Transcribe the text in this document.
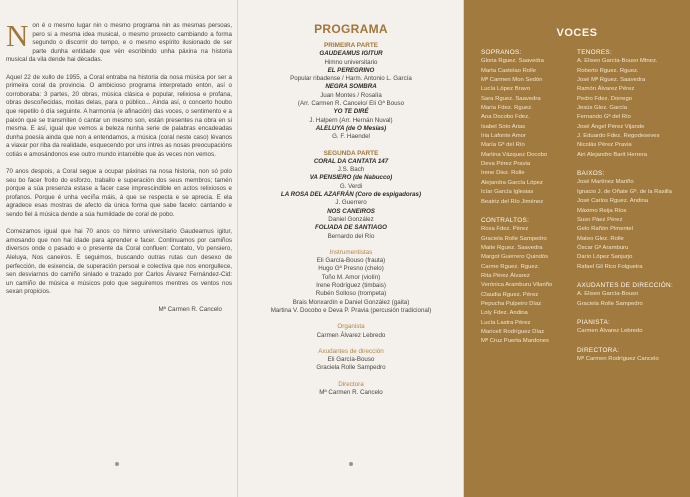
Non é o mesmo lugar nin o mesmo programa nin as mesmas persoas, pero si a mesma idea musical, o mesmo proxecto cambiando a forma segundo o discorrir do tempo, e o mesmo espírito ilusionado de ser parte dunha entidade que vén escribindo unha páxina na historia musical da vila dende hai décadas.

Aquel 22 de xullo de 1955, a Coral entraba na historia da nosa música por ser a primeira coral da provincia. O ambicioso programa interpretado entón, así o corroboraba: 3 partes, 20 obras, música clásica e popular, relixiosa e profana, obras descoñecidas, moitas delas, para o público... Ainda así, o concerto houbo que repetilo ó día seguinte. A harmonía (e afinación) das voces, o sentimento e a paixón que se transmiten ó cantar un mesmo son, están presentes na obra en si mesma. E así, igual que vemos a beleza nunha serie de palabras encadeadas dunha poesía ainda que non a entendamos, a música (coral neste caso) lévanos a viaxar por riba da realidade, esquecendo por uns intres as nosas preocupacións cotiás e amosándonos ese outro mundo intanxible que ás veces non vemos.

70 anos despois, a Coral segue a ocupar páxinas na nosa historia, non só polo seu bo facer froito do esforzo, traballo e superación dos seus membros; tamén porque a súa presenza estase a facer case imprescindible en actos relixiosos e profanos. Porque é unha vecíña máis, á que se respecta e se aprecia. E ela agradece esas mostras de afecto da única forma que sabe facelo: cantando e sendo fiel á música dende a súa humildade de coral de pobo.

Comezamos igual que hai 70 anos co himno universitario Gaudeamus igitur, amosando que non hai idade para aprender e facer. Continuamos por camiños diversos onde o pasado e o presente da Coral confluen: Contato, Vo pensiero, Aleluya, Nos caneiros. E seguimos, buscando outras rutas cun desexo de perfección, de esixencia, de superación persoal e colectiva que nos enorgullece, sen desviarnos do camiño sinlado e trazado por Carlos Álvarez Fernández-Cid: un camiño de música e músicos polo que seguiremos mentres os ventos nos sexan propicios.

Mª Carmen R. Cancelo
PROGRAMA
PRIMEIRA PARTE
GAUDEAMUS IGITUR
Himno universitario
EL PEREGRINO
Popular ribadense / Harm. Antonio L. García
NEGRA SOMBRA
Juan Montes / Rosalía
(Arr. Carmen R. Cancelo/ Eli Gª Bouso
YO TE DIRÉ
J. Halpern (Arr. Hernán Nuval)
ALELUYA (de O Mesías)
G. F. Haendel
SEGUNDA PARTE
CORAL DA CANTATA 147
J.S. Bach
VA PENSIERO (de Nabucco)
G. Verdi
LA ROSA DEL AZAFRÁN (Coro de espigadoras)
J. Guerrero
NOS CANEIROS
Daniel González
FOLIADA DE SANTIAGO
Bernardo del Río
Instrumentistas
Eli García-Bouso (frauta)
Hugo Gª Presno (chelo)
Toño M. Amor (violín)
Irene Rodríguez (timbais)
Rubén Solloso (trompeta)
Brais Monxardín e Daniel González (gaita)
Martina V. Docobo e Deva P. Pravia (percusión tradicional)
Organista
Carmen Álvarez Lebredo
Axudantes de dirección
Eli García-Bouso
Graciela Rolle Sampedro
Directora
Mª Carmen R. Cancelo
VOCES
SOPRANOS:
Gloria Rguez. Saavedra
Marta Castelao Rolle
Mª Carmen Mon Sedón
Lucía López Bravo
Sara Rguez. Saavedra
María Fdez. Rguez.
Ana Docobo Fdez.
Isabel Soto Arias
Iria Lafonte Amor
María Gª del Río
Martina Vázquez Docobo
Deva Pérez Pravia
Irene Diez. Rolle
Alejandra García López
Icíar García Iglesias
Beatriz del Río Jiménez
CONTRALTOS:
Rosa Fdez. Pérez
Graciela Rolle Sampedro
Maite Rguez. Saavedra
Margot Guerrero Quindós
Carme Rguez. Rguez.
Rita Pérez Álvarez
Verónica Aramburu Vilariño
Claudia Rguez. Pérez
Pepucha Pulpeiro Díaz
Loly Fdez. Andina
Lucía Lastra Pérez
Maricelí Rodríguez Díaz
Mª Cruz Puerta Mardones
TENORES:
A. Eliseo García-Bouso Mtnez.
Roberto Rguez. Rguez.
José Mª Rguez. Saavedra
Ramón Álvarez Pérez
Pedro Fdez. Dorrego
Jesús Glez. García
Fernando Gª del Río
José Ángel Pérez Vijande
J. Eduardo Fdez. Regodeseves
Nicolás Pérez Pravia
Airi Alejandro Barit Herrera
BAIXOS:
José Martínez Mariño
Ignacio J. de Oñate Gª. de la Rasilla
José Carlos Rguez. Andina
Máximo Reija Ríos
Suso Páez Pérez
Gelo Rañón Pimentel
Mateo Glez. Rolle
Óscar Gª Aramburu
Darío López Sanjurjo
Rafael Gil Rico Folgueira
AXUDANTES DE DIRECCIÓN:
A. Eliseo García-Bouso
Graciela Rolle Sampedro
PIANISTA:
Carmen Álvarez Lebredo
DIRECTORA:
Mª Carmen Rodríguez Cancelo
